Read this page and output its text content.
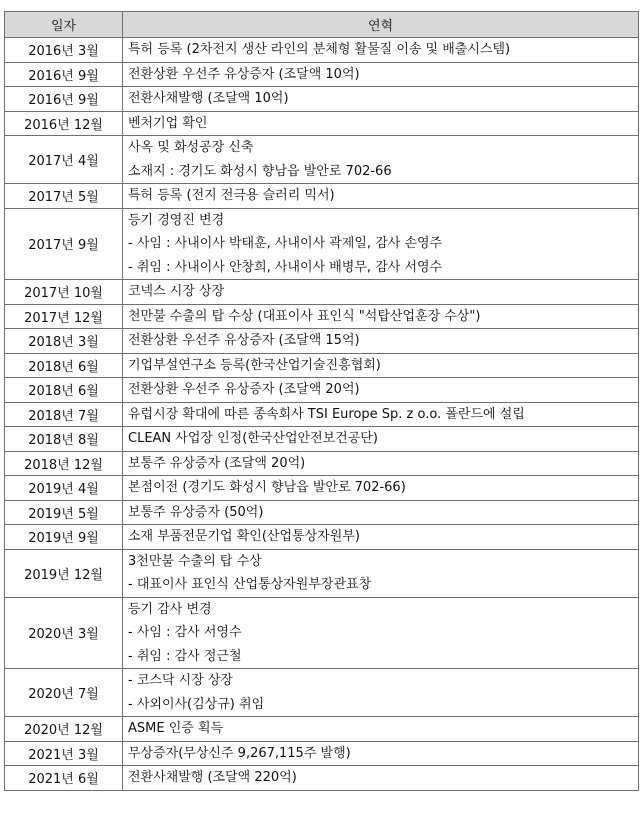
일자	연혁
2016년 3월	특허 등록 (2차전지 생산 라인의 분체형 활물질 이송 및 배출시스템)

2016년 9월	전환상환 우선주 유상증자 (조달액 10억)

2016년 9월	전환사채발행 (조달액 10억)

2016년 12월	벤처기업 확인

2017년 4월	사옥 및 화성공장 신축
소재지 : 경기도 화성시 향남읍 발안로 702-66

2017년 5월	특허 등록 (전지 전극용 슬러리 믹서)

2017년 9월	등기 경영진 변경
- 사임 : 사내이사 박태훈, 사내이사 곽제일, 감사 손영주
- 취임 : 사내이사 안창희, 사내이사 배병무, 감사 서영수

2017년 10월	코넥스 시장 상장

2017년 12월	천만불 수출의 탑 수상 (대표이사 표인식 "석탑산업훈장 수상")

2018년 3월	전환상환 우선주 유상증자 (조달액 15억)

2018년 6월	기업부설연구소 등록(한국산업기술진흥협회)

2018년 6월	전환상환 우선주 유상증자 (조달액 20억)

2018년 7월	유럽시장 확대에 따른 종속회사 TSI Europe Sp. z o.o. 폴란드에 설립

2018년 8월	CLEAN 사업장 인정(한국산업안전보건공단)

2018년 12월	보통주 유상증자 (조달액 20억)

2019년 4월	본점이전 (경기도 화성시 향남읍 발안로 702-66)

2019년 5월	보통주 유상증자 (50억)

2019년 9월	소재 부품전문기업 확인(산업통상자원부)

2019년 12월	3천만불 수출의 탑 수상
- 대표이사 표인식 산업통상자원부장관표창

2020년 3월	등기 감사 변경
- 사임 : 감사 서영수
- 취임 : 감사 정근철

2020년 7월	- 코스닥 시장 상장
- 사외이사(김상규) 취임

2020년 12월	ASME 인증 획득

2021년 3월	무상증자(무상신주 9,267,115주 발행)

2021년 6월	전환사채발행 (조달액 220억)
